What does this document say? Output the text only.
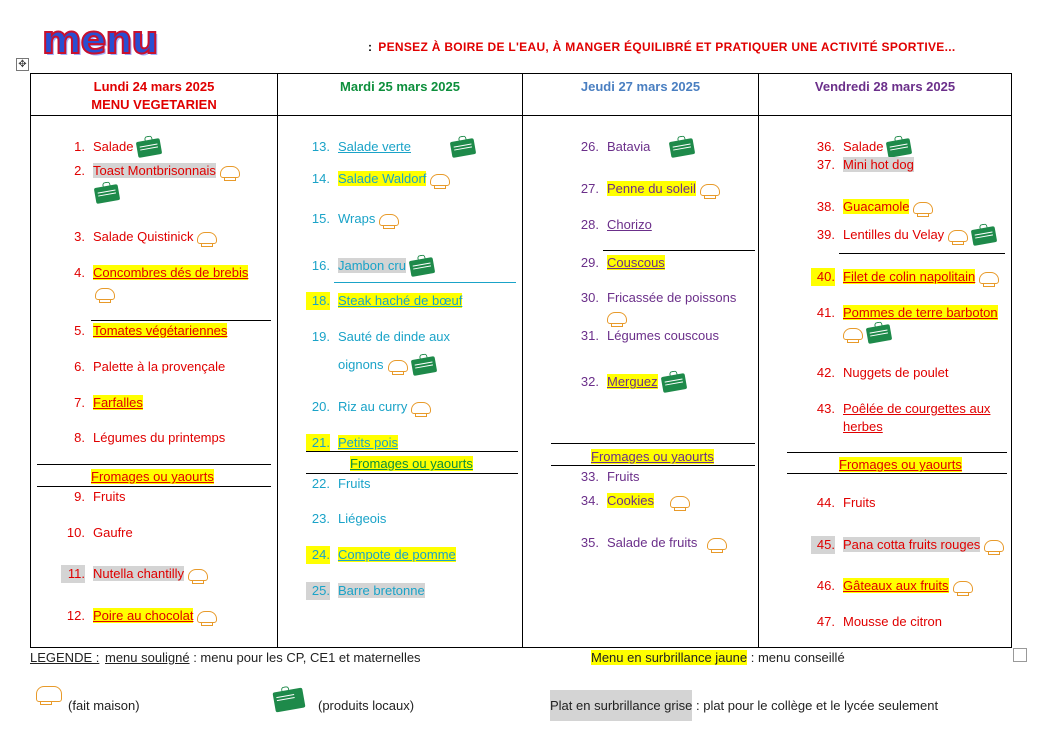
menu	: PENSEZ À BOIRE DE L'EAU, À MANGER ÉQUILIBRÉ ET PRATIQUER UNE ACTIVITÉ SPORTIVE...
✥
Lundi 24 mars 2025
MENU VEGETARIEN
1. Salade
2. Toast Montbrisonnais
3. Salade Quistinick
4. Concombres dés de brebis
5. Tomates végétariennes
6. Palette à la provençale
7. Farfalles
8. Légumes du printemps
Fromages ou yaourts
9. Fruits
10. Gaufre
11. Nutella chantilly
12. Poire au chocolat
Mardi 25 mars 2025
13. Salade verte
14. Salade Waldorf
15. Wraps
16. Jambon cru
18. Steak haché de bœuf
19. Sauté de dinde aux
oignons
20. Riz au curry
21. Petits pois
Fromages ou yaourts
22. Fruits
23. Liégeois
24. Compote de pomme
25. Barre bretonne
Jeudi 27 mars 2025
26. Batavia
27. Penne du soleil
28. Chorizo
29. Couscous
30. Fricassée de poissons
31. Légumes couscous
32. Merguez
Fromages ou yaourts
33. Fruits
34. Cookies
35. Salade de fruits
Vendredi 28 mars 2025
36. Salade
37. Mini hot dog
38. Guacamole
39. Lentilles du Velay
40. Filet de colin napolitain
41. Pommes de terre barboton
42. Nuggets de poulet
43. Poêlée de courgettes aux
herbes
Fromages ou yaourts
44. Fruits
45. Pana cotta fruits rouges
46. Gâteaux aux fruits
47. Mousse de citron
LEGENDE : menu souligné : menu pour les CP, CE1 et maternelles	Menu en surbrillance jaune : menu conseillé
(fait maison)	(produits locaux)	Plat en surbrillance grise : plat pour le collège et le lycée seulement
